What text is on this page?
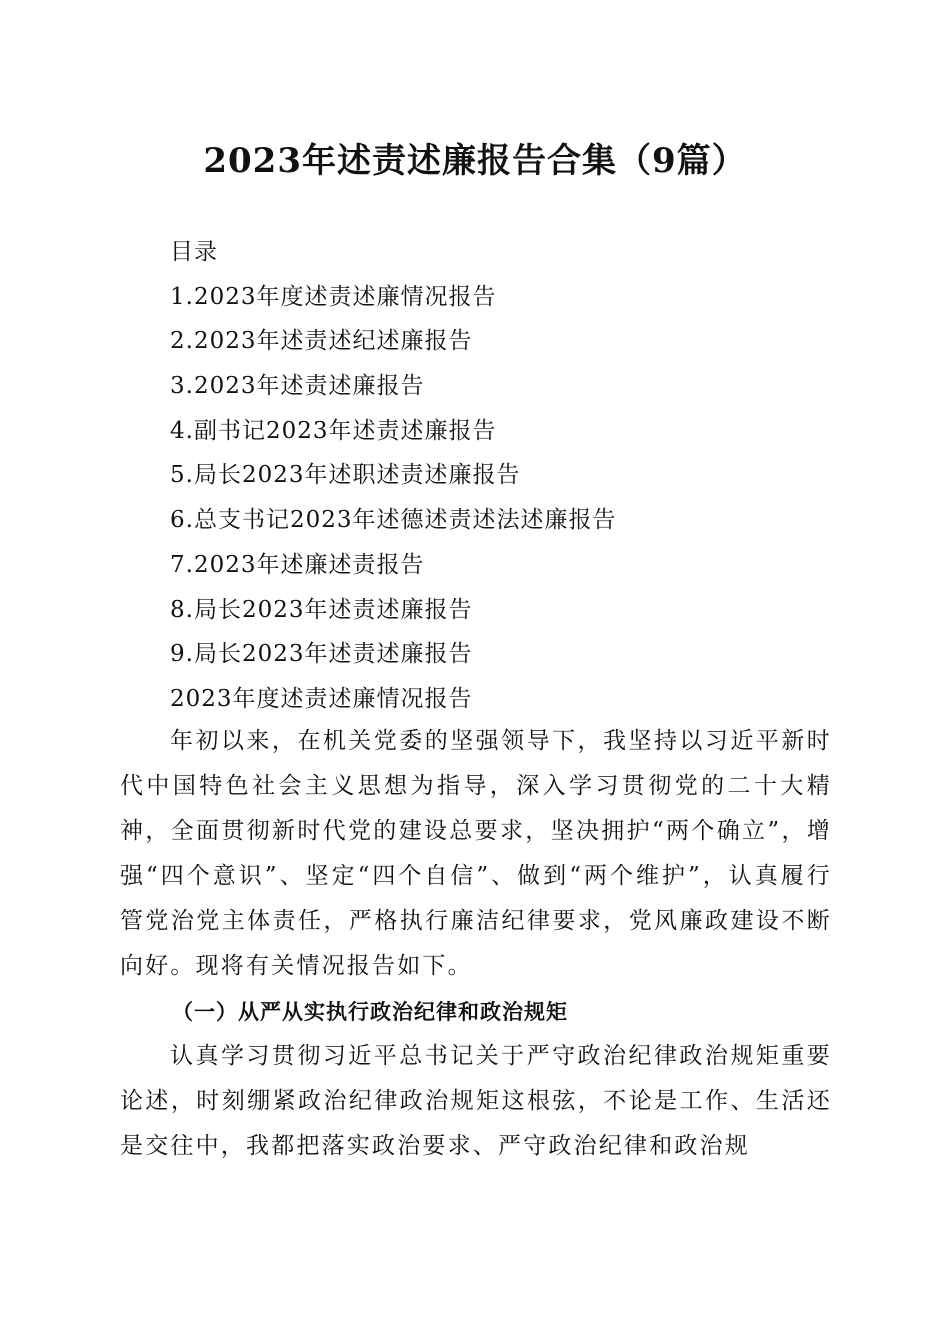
2023年述责述廉报告合集（9篇）
目录
1.2023年度述责述廉情况报告
2.2023年述责述纪述廉报告
3.2023年述责述廉报告
4.副书记2023年述责述廉报告
5.局长2023年述职述责述廉报告
6.总支书记2023年述德述责述法述廉报告
7.2023年述廉述责报告
8.局长2023年述责述廉报告
9.局长2023年述责述廉报告
2023年度述责述廉情况报告

年初以来，在机关党委的坚强领导下，我坚持以习近平新时代中国特色社会主义思想为指导，深入学习贯彻党的二十大精神，全面贯彻新时代党的建设总要求，坚决拥护“两个确立”，增强“四个意识”、坚定“四个自信”、做到“两个维护”，认真履行管党治党主体责任，严格执行廉洁纪律要求，党风廉政建设不断向好。现将有关情况报告如下。

（一）从严从实执行政治纪律和政治规矩

认真学习贯彻习近平总书记关于严守政治纪律政治规矩重要论述，时刻绷紧政治纪律政治规矩这根弦，不论是工作、生活还是交往中，我都把落实政治要求、严守政治纪律和政治规
